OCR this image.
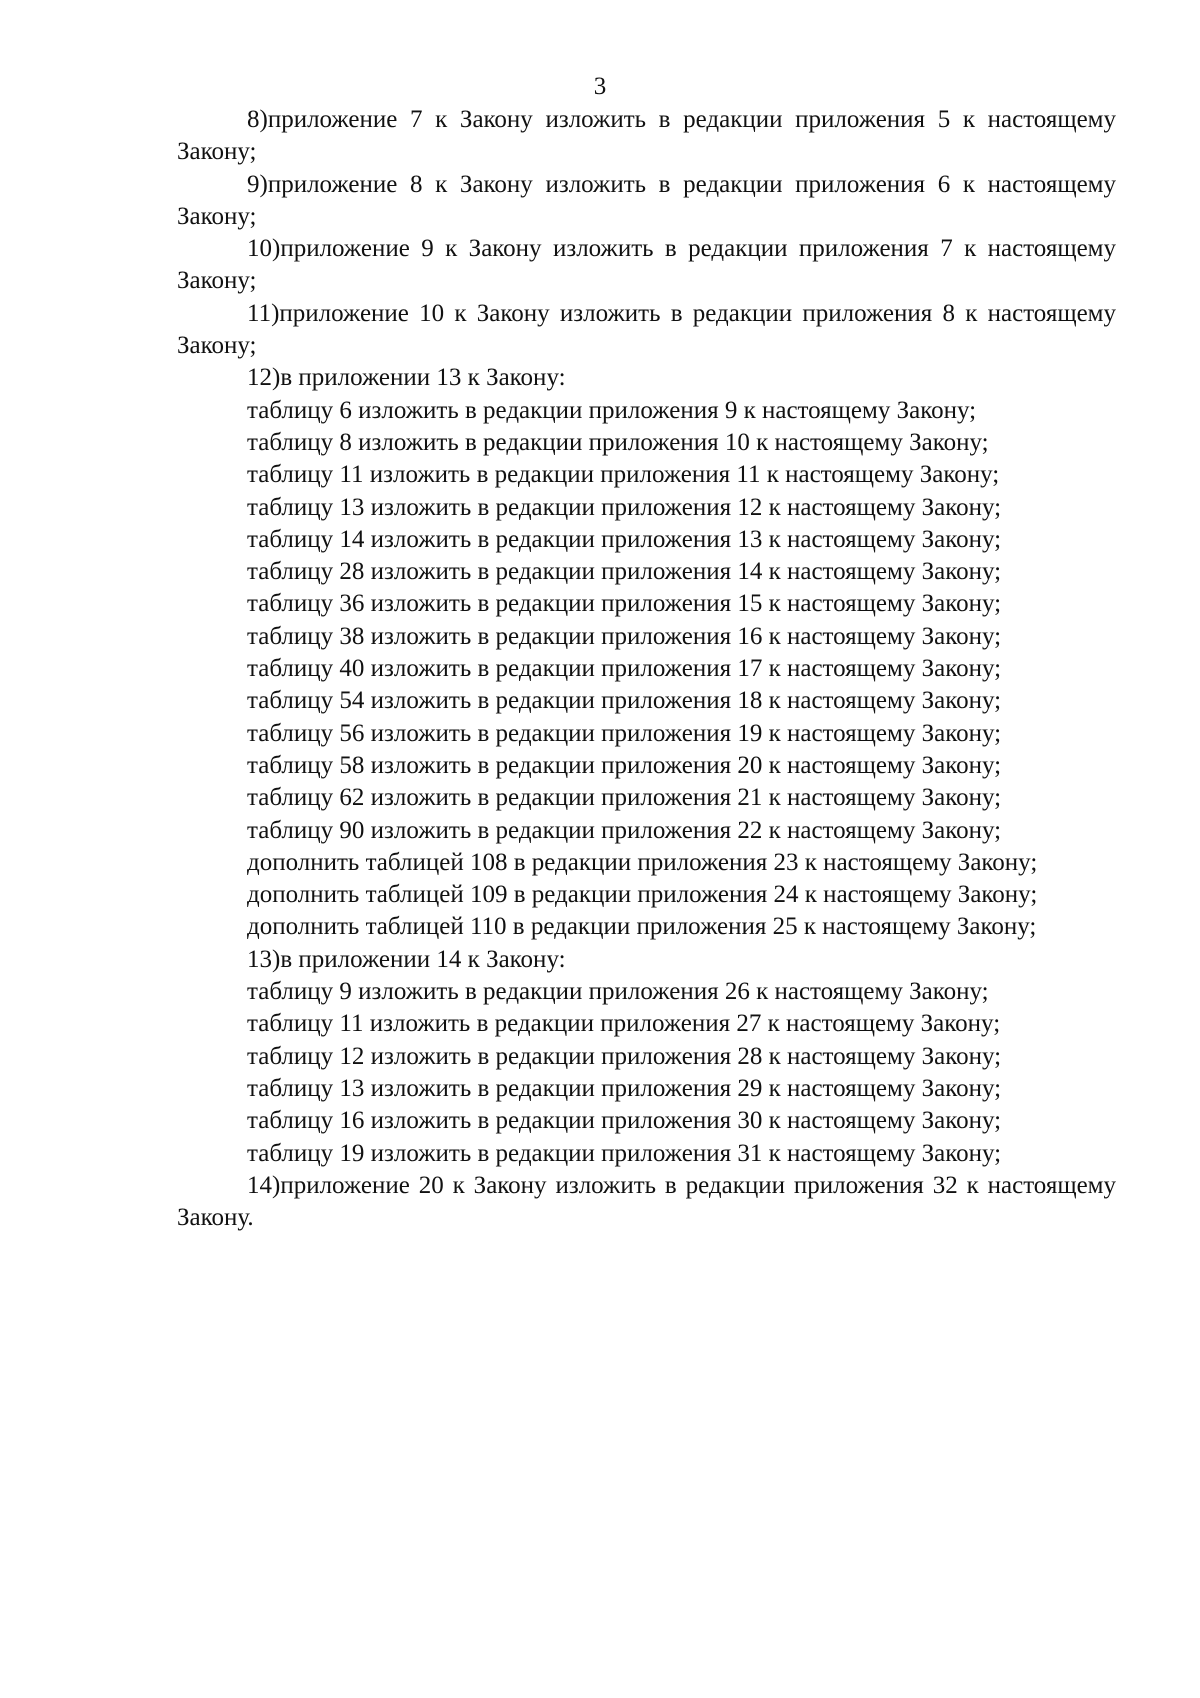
3

8)приложение 7 к Закону изложить в редакции приложения 5 к настоящему Закону;

9)приложение 8 к Закону изложить в редакции приложения 6 к настоящему Закону;

10)приложение 9 к Закону изложить в редакции приложения 7 к настоящему Закону;

11)приложение 10 к Закону изложить в редакции приложения 8 к настоящему Закону;

12)в приложении 13 к Закону:

таблицу 6 изложить в редакции приложения 9 к настоящему Закону;

таблицу 8 изложить в редакции приложения 10 к настоящему Закону;

таблицу 11 изложить в редакции приложения 11 к настоящему Закону;

таблицу 13 изложить в редакции приложения 12 к настоящему Закону;

таблицу 14 изложить в редакции приложения 13 к настоящему Закону;

таблицу 28 изложить в редакции приложения 14 к настоящему Закону;

таблицу 36 изложить в редакции приложения 15 к настоящему Закону;

таблицу 38 изложить в редакции приложения 16 к настоящему Закону;

таблицу 40 изложить в редакции приложения 17 к настоящему Закону;

таблицу 54 изложить в редакции приложения 18 к настоящему Закону;

таблицу 56 изложить в редакции приложения 19 к настоящему Закону;

таблицу 58 изложить в редакции приложения 20 к настоящему Закону;

таблицу 62 изложить в редакции приложения 21 к настоящему Закону;

таблицу 90 изложить в редакции приложения 22 к настоящему Закону;

дополнить таблицей 108 в редакции приложения 23 к настоящему Закону;

дополнить таблицей 109 в редакции приложения 24 к настоящему Закону;

дополнить таблицей 110 в редакции приложения 25 к настоящему Закону;

13)в приложении 14 к Закону:

таблицу 9 изложить в редакции приложения 26 к настоящему Закону;

таблицу 11 изложить в редакции приложения 27 к настоящему Закону;

таблицу 12 изложить в редакции приложения 28 к настоящему Закону;

таблицу 13 изложить в редакции приложения 29 к настоящему Закону;

таблицу 16 изложить в редакции приложения 30 к настоящему Закону;

таблицу 19 изложить в редакции приложения 31 к настоящему Закону;

14)приложение 20 к Закону изложить в редакции приложения 32 к настоящему Закону.
